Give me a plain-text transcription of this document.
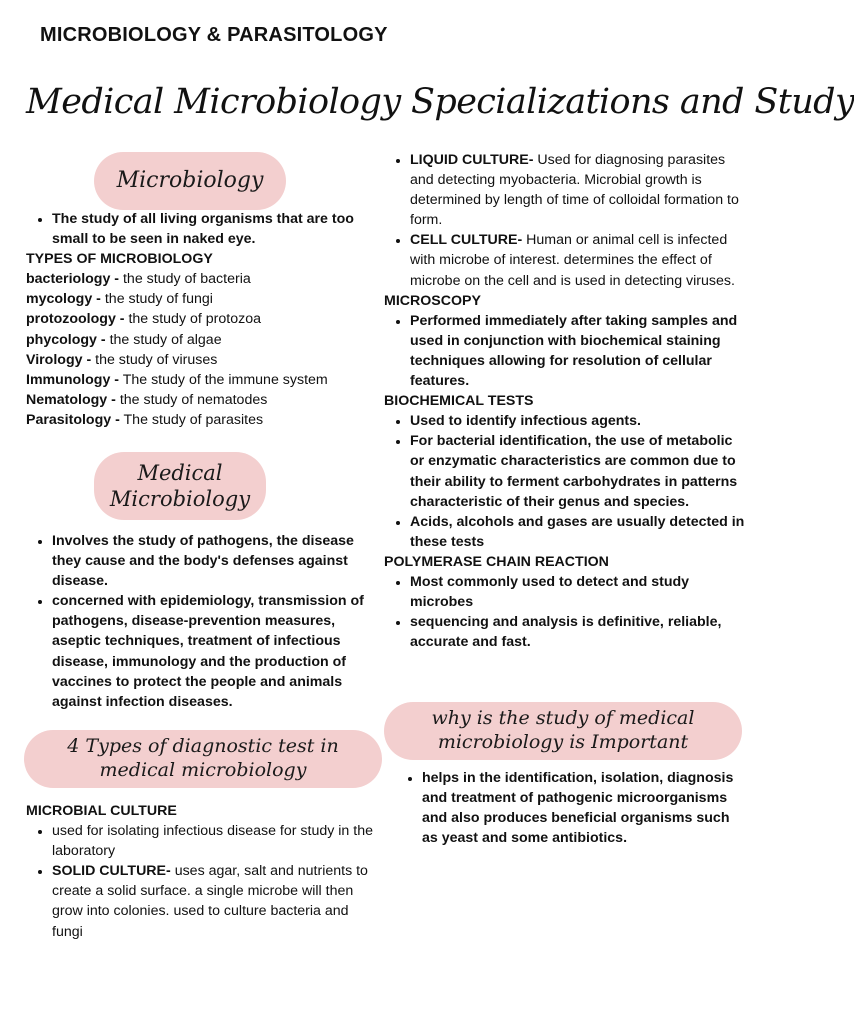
MICROBIOLOGY & PARASITOLOGY
Medical Microbiology Specializations and Study
Microbiology
• The study of all living organisms that are too small to be seen in naked eye.
TYPES OF MICROBIOLOGY
bacteriology - the study of bacteria
mycology - the study of fungi
protozoology - the study of protozoa
phycology - the study of algae
Virology - the study of viruses
Immunology - The study of the immune system
Nematology - the study of nematodes
Parasitology - The study of parasites
Medical
Microbiology
• Involves the study of pathogens, the disease they cause and the body's defenses against disease.
• concerned with epidemiology, transmission of pathogens, disease-prevention measures, aseptic techniques, treatment of infectious disease, immunology and the production of vaccines to protect the people and animals against infection diseases.
4 Types of diagnostic test in
medical microbiology
MICROBIAL CULTURE
• used for isolating infectious disease for study in the laboratory
• SOLID CULTURE- uses agar, salt and nutrients to create a solid surface. a single microbe will then grow into colonies. used to culture bacteria and fungi
• LIQUID CULTURE- Used for diagnosing parasites and detecting myobacteria. Microbial growth is determined by length of time of colloidal formation to form.
• CELL CULTURE- Human or animal cell is infected with microbe of interest. determines the effect of microbe on the cell and is used in detecting viruses.
MICROSCOPY
• Performed immediately after taking samples and used in conjunction with biochemical staining techniques allowing for resolution of cellular features.
BIOCHEMICAL TESTS
• Used to identify infectious agents.
• For bacterial identification, the use of metabolic or enzymatic characteristics are common due to their ability to ferment carbohydrates in patterns characteristic of their genus and species.
• Acids, alcohols and gases are usually detected in these tests
POLYMERASE CHAIN REACTION
• Most commonly used to detect and study microbes
• sequencing and analysis is definitive, reliable, accurate and fast.
why is the study of medical
microbiology is Important
• helps in the identification, isolation, diagnosis and treatment of pathogenic microorganisms and also produces beneficial organisms such as yeast and some antibiotics.
